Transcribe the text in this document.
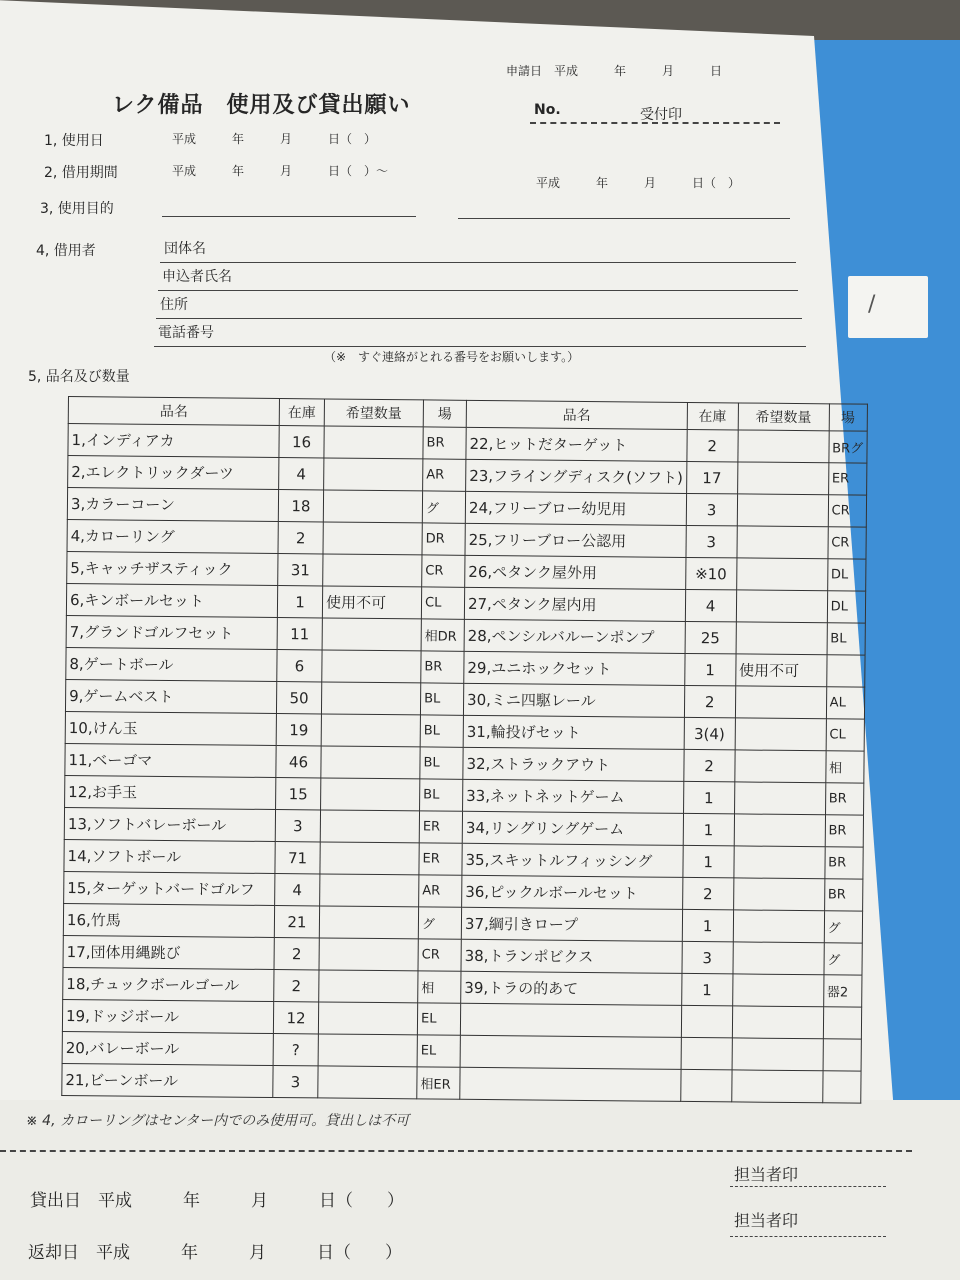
/
レク備品　使用及び貸出願い
申請日　平成　　　年　　　月　　　日
No.	受付印
1, 使用日	平成　　　年　　　月　　　日（　）
2, 借用期間	平成　　　年　　　月　　　日（　）〜
平成　　　年　　　月　　　日（　）
3, 使用目的
4, 借用者	団体名
申込者氏名
住所
電話番号
（※　すぐ連絡がとれる番号をお願いします。）
5, 品名及び数量
品名	在庫	希望数量	場	品名	在庫	希望数量	場
1,インディアカ	16		BR	22,ヒットだターゲット	2		BRグ
2,エレクトリックダーツ	4		AR	23,フライングディスク(ソフト)	17		ER
3,カラーコーン	18		グ	24,フリーブロー幼児用	3		CR
4,カローリング	2		DR	25,フリーブロー公認用	3		CR
5,キャッチザスティック	31		CR	26,ペタンク屋外用	※10		DL
6,キンボールセット	1	使用不可	CL	27,ペタンク屋内用	4		DL
7,グランドゴルフセット	11		相DR	28,ペンシルバルーンポンプ	25		BL
8,ゲートボール	6		BR	29,ユニホックセット	1	使用不可	
9,ゲームベスト	50		BL	30,ミニ四駆レール	2		AL
10,けん玉	19		BL	31,輪投げセット	3(4)		CL
11,ベーゴマ	46		BL	32,ストラックアウト	2		相
12,お手玉	15		BL	33,ネットネットゲーム	1		BR
13,ソフトバレーボール	3		ER	34,リングリングゲーム	1		BR
14,ソフトボール	71		ER	35,スキットルフィッシング	1		BR
15,ターゲットバードゴルフ	4		AR	36,ピックルボールセット	2		BR
16,竹馬	21		グ	37,綱引きロープ	1		グ
17,団体用縄跳び	2		CR	38,トランポビクス	3		グ
18,チュックボールゴール	2		相	39,トラの的あて	1		器2
19,ドッジボール	12		EL				
20,バレーボール	?		EL				
21,ビーンボール	3		相ER				
※ 4, カローリングはセンター内でのみ使用可。貸出しは不可
貸出日　平成　　　年　　　月　　　日（　　）
返却日　平成　　　年　　　月　　　日（　　）
担当者印
担当者印
